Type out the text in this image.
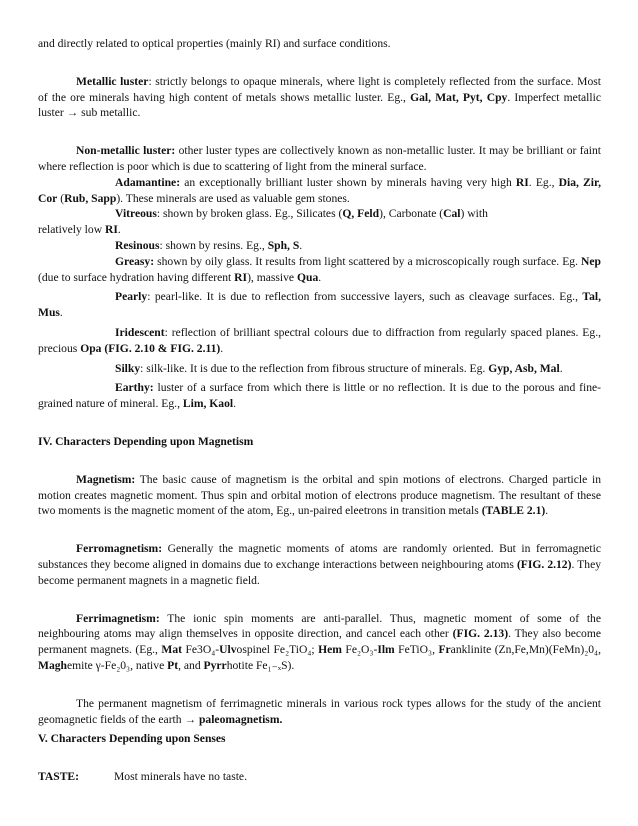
and directly related to optical properties (mainly RI) and surface conditions.

Metallic luster: strictly belongs to opaque minerals, where light is completely reflected from the surface. Most of the ore minerals having high content of metals shows metallic luster. Eg., Gal, Mat, Pyt, Cpy. Imperfect metallic luster → sub metallic.

Non-metallic luster: other luster types are collectively known as non-metallic luster. It may be brilliant or faint where reflection is poor which is due to scattering of light from the mineral surface.

Adamantine: an exceptionally brilliant luster shown by minerals having very high RI. Eg., Dia, Zir, Cor (Rub, Sapp). These minerals are used as valuable gem stones.

Vitreous: shown by broken glass. Eg., Silicates (Q, Feld), Carbonate (Cal) with

relatively low RI.

Resinous: shown by resins. Eg., Sph, S.

Greasy: shown by oily glass. It results from light scattered by a microscopically rough surface. Eg. Nep (due to surface hydration having different RI), massive Qua.

Pearly: pearl-like. It is due to reflection from successive layers, such as cleavage surfaces. Eg., Tal, Mus.

Iridescent: reflection of brilliant spectral colours due to diffraction from regularly spaced planes. Eg., precious Opa (FIG. 2.10 & FIG. 2.11).

Silky: silk-like. It is due to the reflection from fibrous structure of minerals. Eg. Gyp, Asb, Mal.

Earthy: luster of a surface from which there is little or no reflection. It is due to the porous and fine-grained nature of mineral. Eg., Lim, Kaol.

IV. Characters Depending upon Magnetism

Magnetism: The basic cause of magnetism is the orbital and spin motions of electrons. Charged particle in motion creates magnetic moment. Thus spin and orbital motion of electrons produce magnetism. The resultant of these two moments is the magnetic moment of the atom, Eg., un-paired eleetrons in transition metals (TABLE 2.1).

Ferromagnetism: Generally the magnetic moments of atoms are randomly oriented. But in ferromagnetic substances they become aligned in domains due to exchange interactions between neighbouring atoms (FIG. 2.12). They become permanent magnets in a magnetic field.

Ferrimagnetism: The ionic spin moments are anti-parallel. Thus, magnetic moment of some of the neighbouring atoms may align themselves in opposite direction, and cancel each other (FIG. 2.13). They also become permanent magnets. (Eg., Mat Fe3O₄-Ulvospinel Fe₂TiO₄; Hem Fe₂O₃-Ilm FeTiO₃, Franklinite (Zn,Fe,Mn)(FeMn)₂0₄, Maghemite γ-Fe₂0₃, native Pt, and Pyrrhotite Fe₁₋ₓS).

The permanent magnetism of ferrimagnetic minerals in various rock types allows for the study of the ancient geomagnetic fields of the earth → paleomagnetism.

V. Characters Depending upon Senses

TASTE:	Most minerals have no taste.
